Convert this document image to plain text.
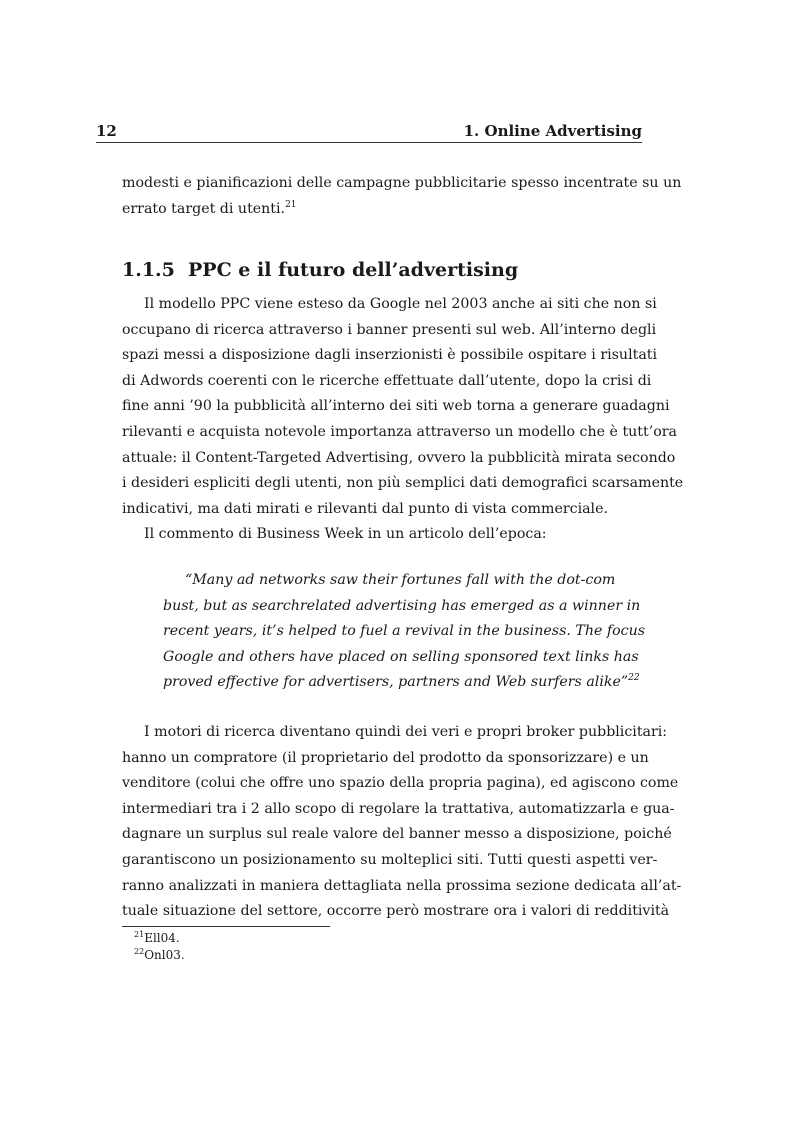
12	1. Online Advertising
modesti e pianificazioni delle campagne pubblicitarie spesso incentrate su un
errato target di utenti.$^{21}$
1.1.5 PPC e il futuro dell’advertising
Il modello PPC viene esteso da Google nel 2003 anche ai siti che non si
occupano di ricerca attraverso i banner presenti sul web. All’interno degli
spazi messi a disposizione dagli inserzionisti è possibile ospitare i risultati
di Adwords coerenti con le ricerche effettuate dall’utente, dopo la crisi di
fine anni ’90 la pubblicità all’interno dei siti web torna a generare guadagni
rilevanti e acquista notevole importanza attraverso un modello che è tutt’ora
attuale: il Content-Targeted Advertising, ovvero la pubblicità mirata secondo
i desideri espliciti degli utenti, non più semplici dati demografici scarsamente
indicativi, ma dati mirati e rilevanti dal punto di vista commerciale.
Il commento di Business Week in un articolo dell’epoca:
“Many ad networks saw their fortunes fall with the dot-com
bust, but as searchrelated advertising has emerged as a winner in
recent years, it’s helped to fuel a revival in the business. The focus
Google and others have placed on selling sponsored text links has
proved effective for advertisers, partners and Web surfers alike”$^{22}$
I motori di ricerca diventano quindi dei veri e propri broker pubblicitari:
hanno un compratore (il proprietario del prodotto da sponsorizzare) e un
venditore (colui che offre uno spazio della propria pagina), ed agiscono come
intermediari tra i 2 allo scopo di regolare la trattativa, automatizzarla e gua-
dagnare un surplus sul reale valore del banner messo a disposizione, poiché
garantiscono un posizionamento su molteplici siti. Tutti questi aspetti ver-
ranno analizzati in maniera dettagliata nella prossima sezione dedicata all’at-
tuale situazione del settore, occorre però mostrare ora i valori di redditività
$^{21}$Ell04.
$^{22}$Onl03.
